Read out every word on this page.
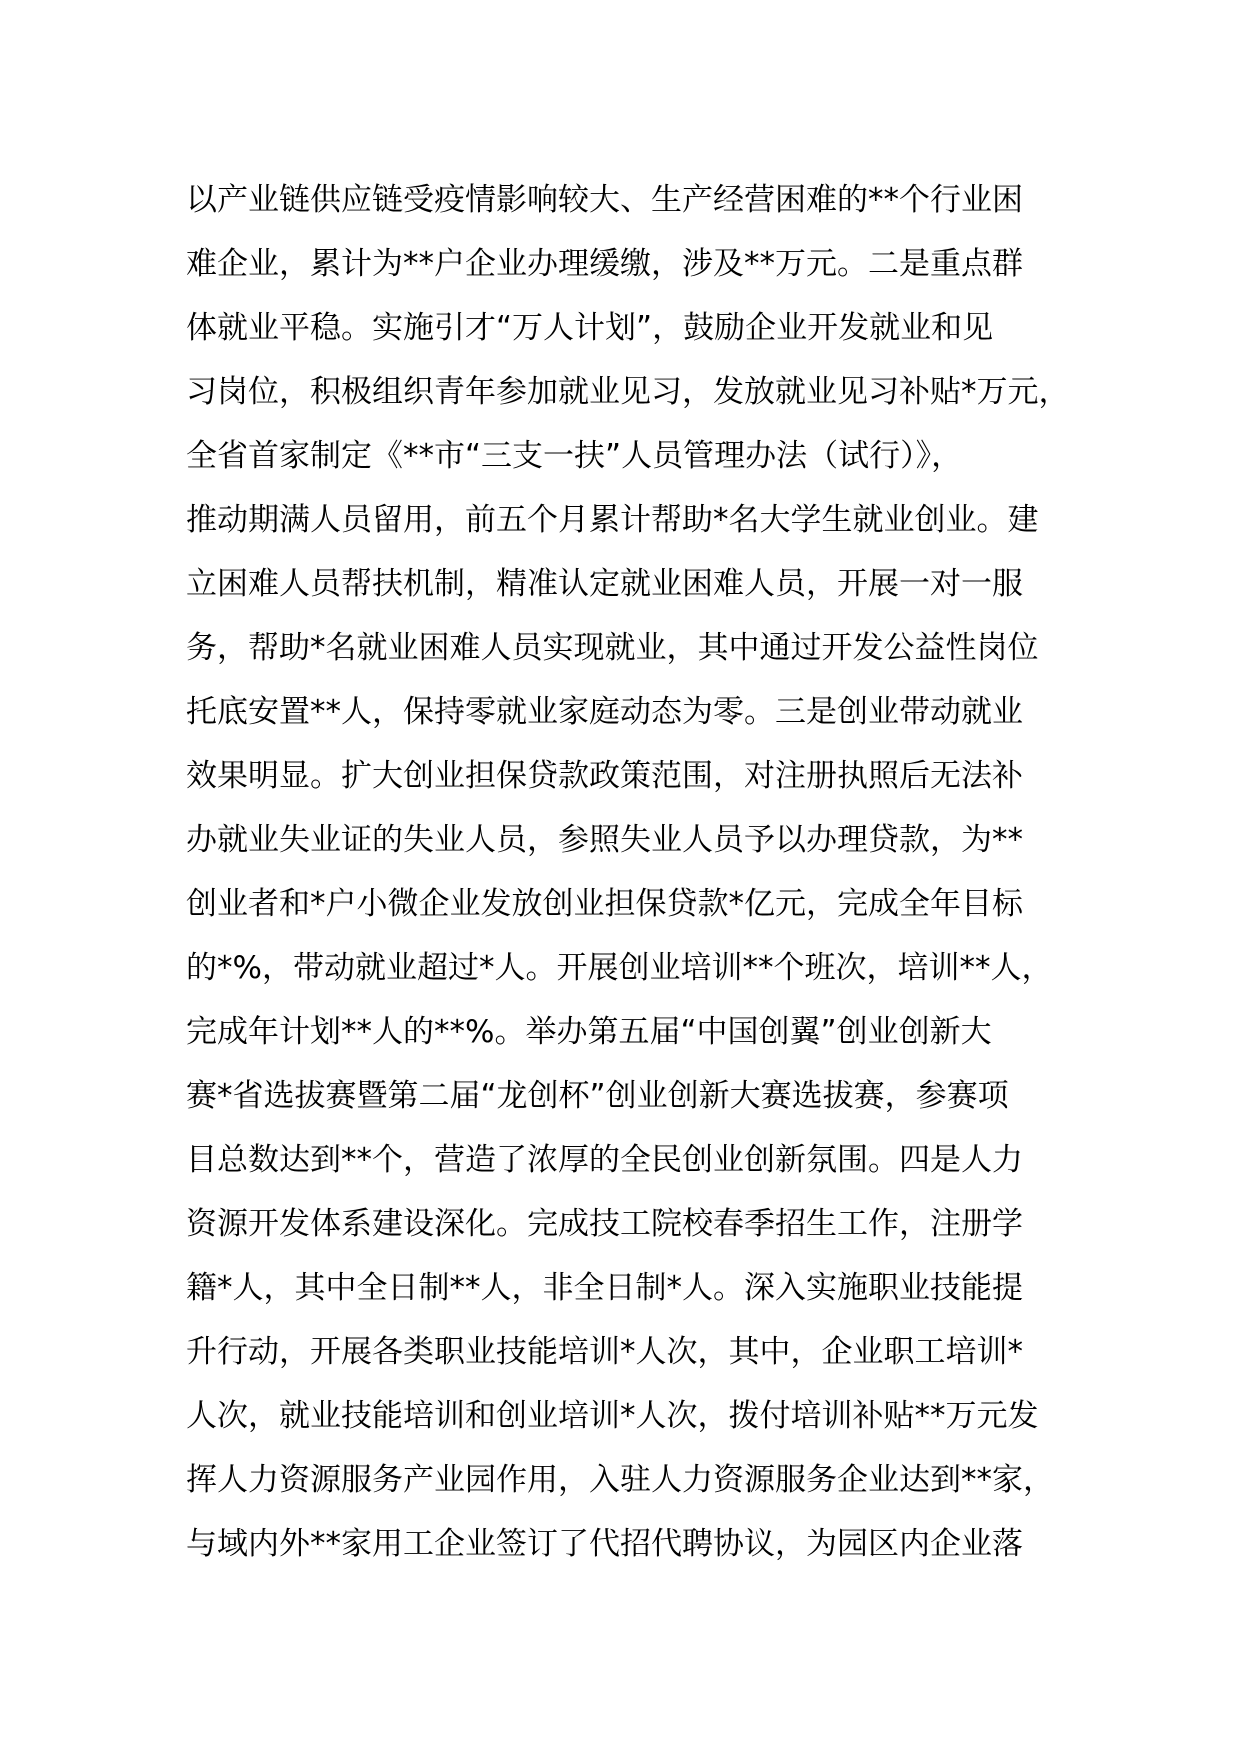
以产业链供应链受疫情影响较大、生产经营困难的**个行业困
难企业，累计为**户企业办理缓缴，涉及**万元。二是重点群
体就业平稳。实施引才“万人计划”，鼓励企业开发就业和见
习岗位，积极组织青年参加就业见习，发放就业见习补贴*万元，
全省首家制定《**市“三支一扶”人员管理办法（试行）》，
推动期满人员留用，前五个月累计帮助*名大学生就业创业。建
立困难人员帮扶机制，精准认定就业困难人员，开展一对一服
务，帮助*名就业困难人员实现就业，其中通过开发公益性岗位
托底安置**人，保持零就业家庭动态为零。三是创业带动就业
效果明显。扩大创业担保贷款政策范围，对注册执照后无法补
办就业失业证的失业人员，参照失业人员予以办理贷款，为**
创业者和*户小微企业发放创业担保贷款*亿元，完成全年目标
的*%，带动就业超过*人。开展创业培训**个班次，培训**人，
完成年计划**人的**%。举办第五届“中国创翼”创业创新大
赛*省选拔赛暨第二届“龙创杯”创业创新大赛选拔赛，参赛项
目总数达到**个，营造了浓厚的全民创业创新氛围。四是人力
资源开发体系建设深化。完成技工院校春季招生工作，注册学
籍*人，其中全日制**人，非全日制*人。深入实施职业技能提
升行动，开展各类职业技能培训*人次，其中，企业职工培训*
人次，就业技能培训和创业培训*人次，拨付培训补贴**万元发
挥人力资源服务产业园作用，入驻人力资源服务企业达到**家，
与域内外**家用工企业签订了代招代聘协议，为园区内企业落
